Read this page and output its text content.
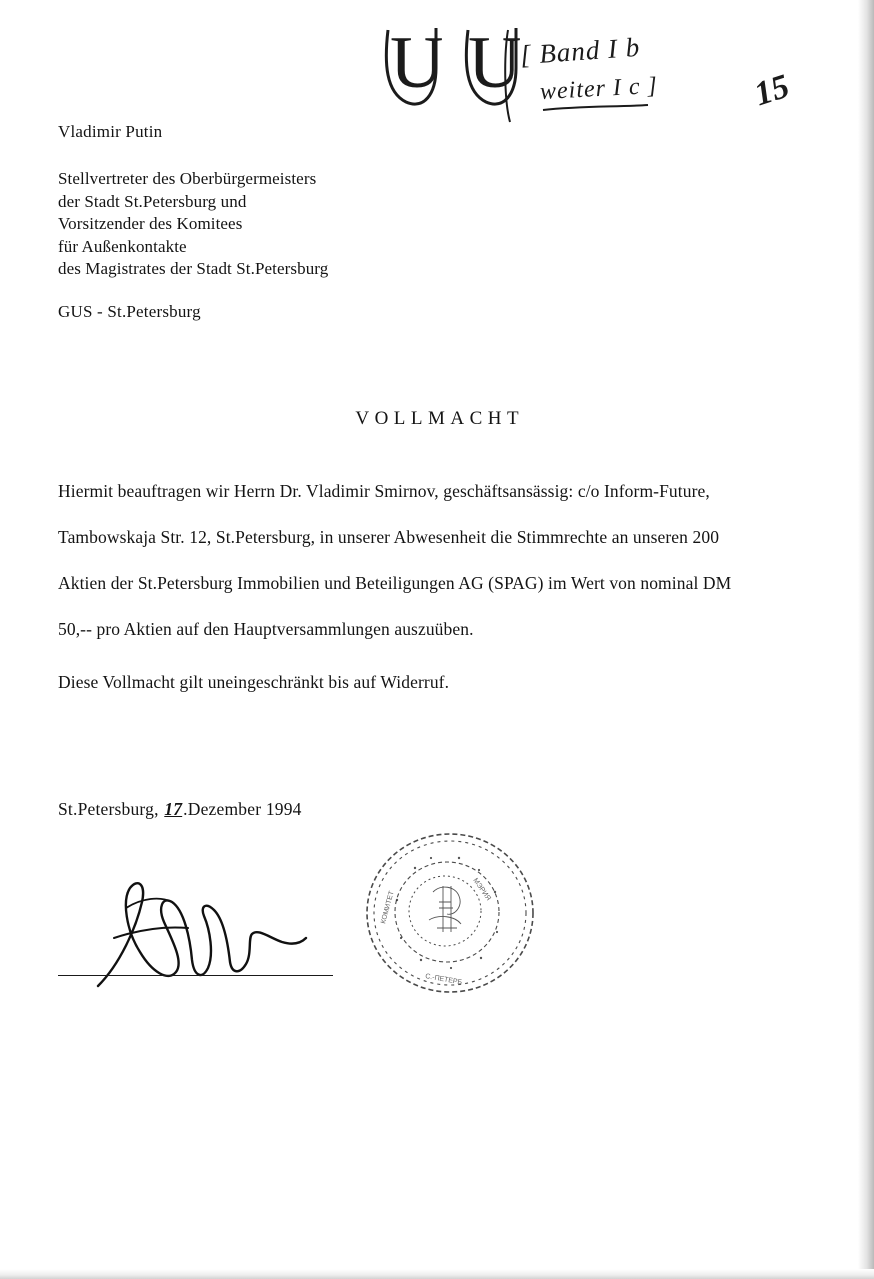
U U
[ Band I b
weiter I c ]	15
Vladimir Putin
Stellvertreter des Oberbürgermeisters
der Stadt St.Petersburg und
Vorsitzender des Komitees
für Außenkontakte
des Magistrates der Stadt St.Petersburg
GUS - St.Petersburg
VOLLMACHT
Hiermit beauftragen wir Herrn Dr. Vladimir Smirnov, geschäftsansässig: c/o Inform-Future, Tambowskaja Str. 12, St.Petersburg, in unserer Abwesenheit die Stimmrechte an unseren 200 Aktien der St.Petersburg Immobilien und Beteiligungen AG (SPAG) im Wert von nominal DM 50,-- pro Aktien auf den Hauptversammlungen auszuüben.
Diese Vollmacht gilt uneingeschränkt bis auf Widerruf.
St.Petersburg, 17.Dezember 1994
КОМИТЕТ
С.-ПЕТЕРБ
МЭРИЯ
